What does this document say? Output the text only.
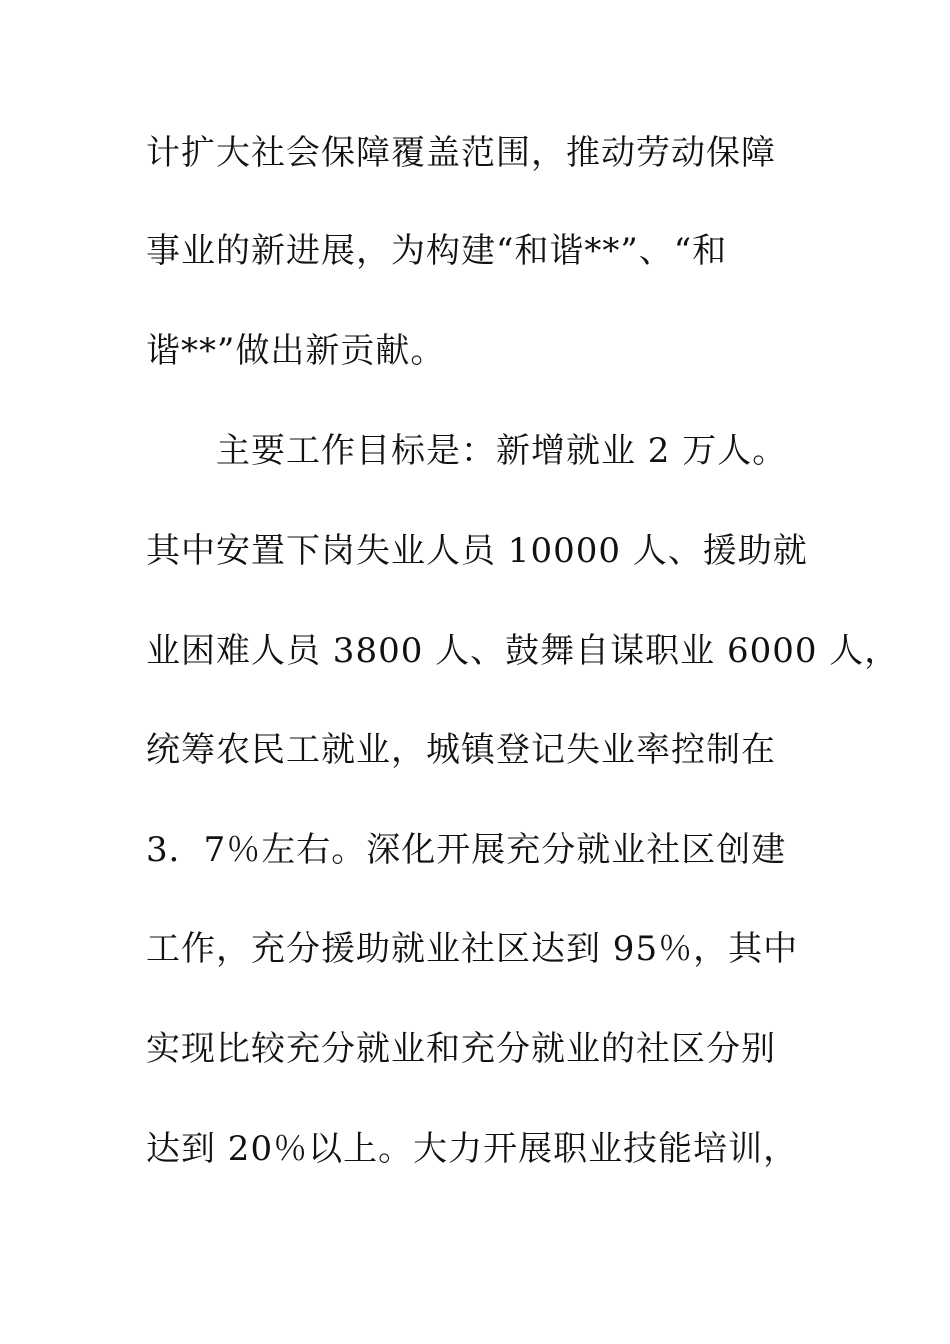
计扩大社会保障覆盖范围，推动劳动保障
事业的新进展，为构建“和谐**”、“和
谐**”做出新贡献。
主要工作目标是：新增就业 2 万人。
其中安置下岗失业人员 10000 人、援助就
业困难人员 3800 人、鼓舞自谋职业 6000 人，
统筹农民工就业，城镇登记失业率控制在
3．7％左右。深化开展充分就业社区创建
工作，充分援助就业社区达到 95％，其中
实现比较充分就业和充分就业的社区分别
达到 20％以上。大力开展职业技能培训，
